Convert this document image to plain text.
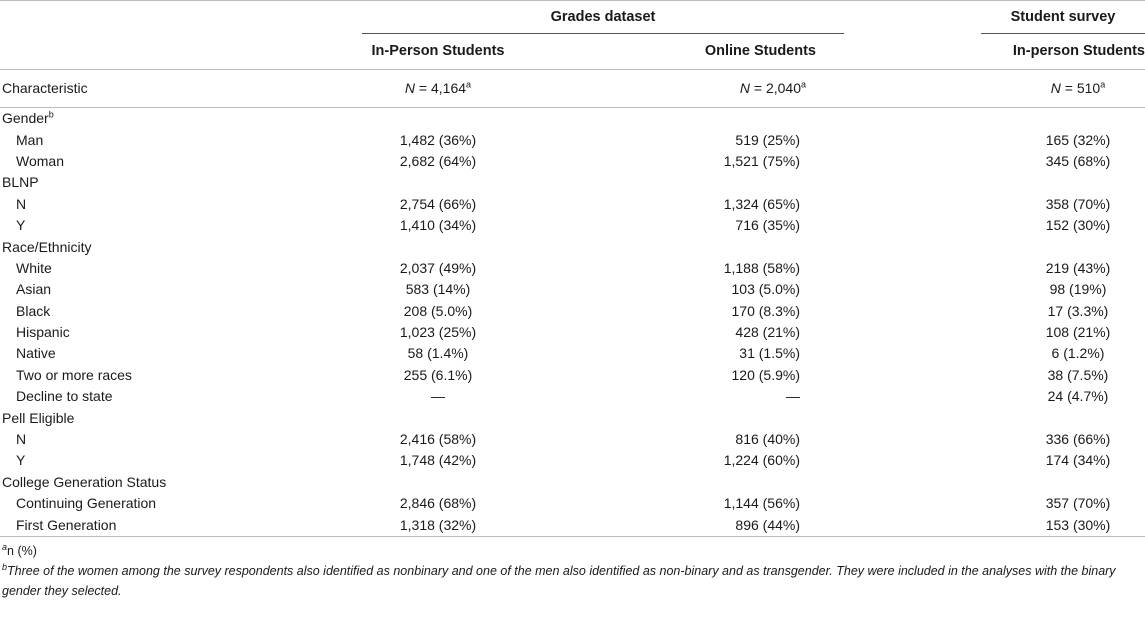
	Grades dataset			Student survey
	In-Person Students	Online Students		In-person Students
Characteristic	N = 4,164$^a$	N = 2,040$^a$		$N = 510^a$
Gender$^b$				
Man	1,482 (36%)	519 (25%)		165 (32%)
Woman	2,682 (64%)	1,521 (75%)		345 (68%)
BLNP				
N	2,754 (66%)	1,324 (65%)		358 (70%)
Y	1,410 (34%)	716 (35%)		152 (30%)
Race/Ethnicity				
White	2,037 (49%)	1,188 (58%)		219 (43%)
Asian	583 (14%)	103 (5.0%)		98 (19%)
Black	208 (5.0%)	170 (8.3%)		17 (3.3%)
Hispanic	1,023 (25%)	428 (21%)		108 (21%)
Native	58 (1.4%)	31 (1.5%)		6 (1.2%)
Two or more races	255 (6.1%)	120 (5.9%)		38 (7.5%)
Decline to state	—	—		24 (4.7%)
Pell Eligible				
N	2,416 (58%)	816 (40%)		336 (66%)
Y	1,748 (42%)	1,224 (60%)		174 (34%)
College Generation Status				
Continuing Generation	2,846 (68%)	1,144 (56%)		357 (70%)
First Generation	1,318 (32%)	896 (44%)		153 (30%)
$^a$n (%)
$^b$Three of the women among the survey respondents also identified as nonbinary and one of the men also identified as non-binary and as transgender. They were included in the analyses with the binary gender they selected.
